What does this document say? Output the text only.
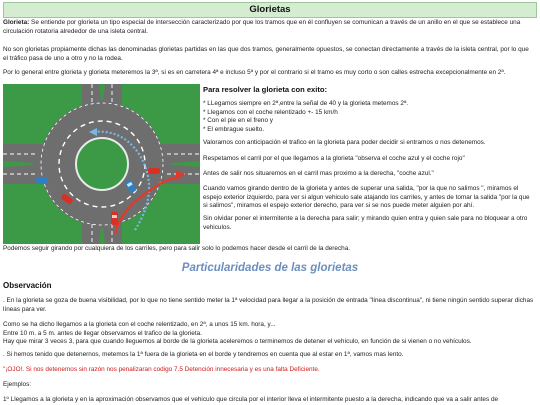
Glorietas

Glorieta: Se entiende por glorieta un tipo especial de intersección caracterizado por que los tramos que en él confluyen se comunican a través de un anillo en el que se establece una circulación rotatoria alrededor de una isleta central.

No son glorietas propiamente dichas las denominadas glorietas partidas en las que dos tramos, generalmente opuestos, se conectan directamente a través de la isleta central, por lo que el tráfico pasa de uno a otro y no la rodea.

Por lo general entre glorieta y glorieta meteremos la 3ª, si es en carretera 4ª e incluso 5ª y por el contrario si el tramo es muy corto o son calles estrecha excepcionalmente en 2ª.

Para resolver la glorieta con exito:
* LLegamos siempre en 2ª,entre la señal de 40 y la glorieta metemos 2ª.
* Llegamos con el coche relentizado +- 15 km/h
* Con el pie en el freno y
* El embrague suelto.

Valoramos con anticipación el trafico en la glorieta para poder decidir si entramos o nos detenemos.

Respetamos el carril por el que llegamos a la glorieta "observa el coche azul y el coche rojo"

Antes de salir nos situaremos en el carril mas proximo a la derecha, "coche azul."

Cuando vamos girando dentro de la glorieta y antes de superar una salida, "por la que no salimos ", miramos el espejo exterior izquierdo, para ver si algun vehiculo sale atajando los carriles, y antes de tomar la salida "por la que si salimos", miramos el espejo exterior derecho, para ver si se nos puede meter alguien por ahí.

Sin olvidar poner el intermitente a la derecha para salir; y mirando quien entra y quien sale para no bloquear a otro vehiculos.

Podemos seguir girando por cualquiera de los carriles, pero para salir solo lo podemos hacer desde el carril de la derecha.

Particularidades de las glorietas
Observación

. En la glorieta se goza de buena visibilidad, por lo que no tiene sentido meter la 1ª velocidad para llegar a la posición de entrada "línea discontinua", ni tiene ningún sentido superar dichas líneas para ver.

Como se ha dicho llegamos a la glorieta con el coche relentizado, en 2ª, a unos 15 km. hora, y...
Entre 10 m. a 5 m. antes de llegar observamos el trafico de la glorieta.
Hay que mirar 3 veces 3, para que cuando lleguemos al borde de la glorieta aceleremos o terminemos de detener el vehículo, en función de si vienen o no vehículos.

. Si hemos tenido que detenernos, metemos la 1ª fuera de la glorieta en el borde y tendremos en cuenta que al estar en 1ª, vamos mas lento.

"¡OJO!. Si nos detenemos sin razón nos penalizaran codigo 7.5 Detención innecesaria y es una falta Deficiente.

Ejemplos:

1º Llegamos a la glorieta y en la aproximación observamos que el vehiculo que circula por el interior lleva el intermitente puesto a la derecha, indicando que va a salir antes de
